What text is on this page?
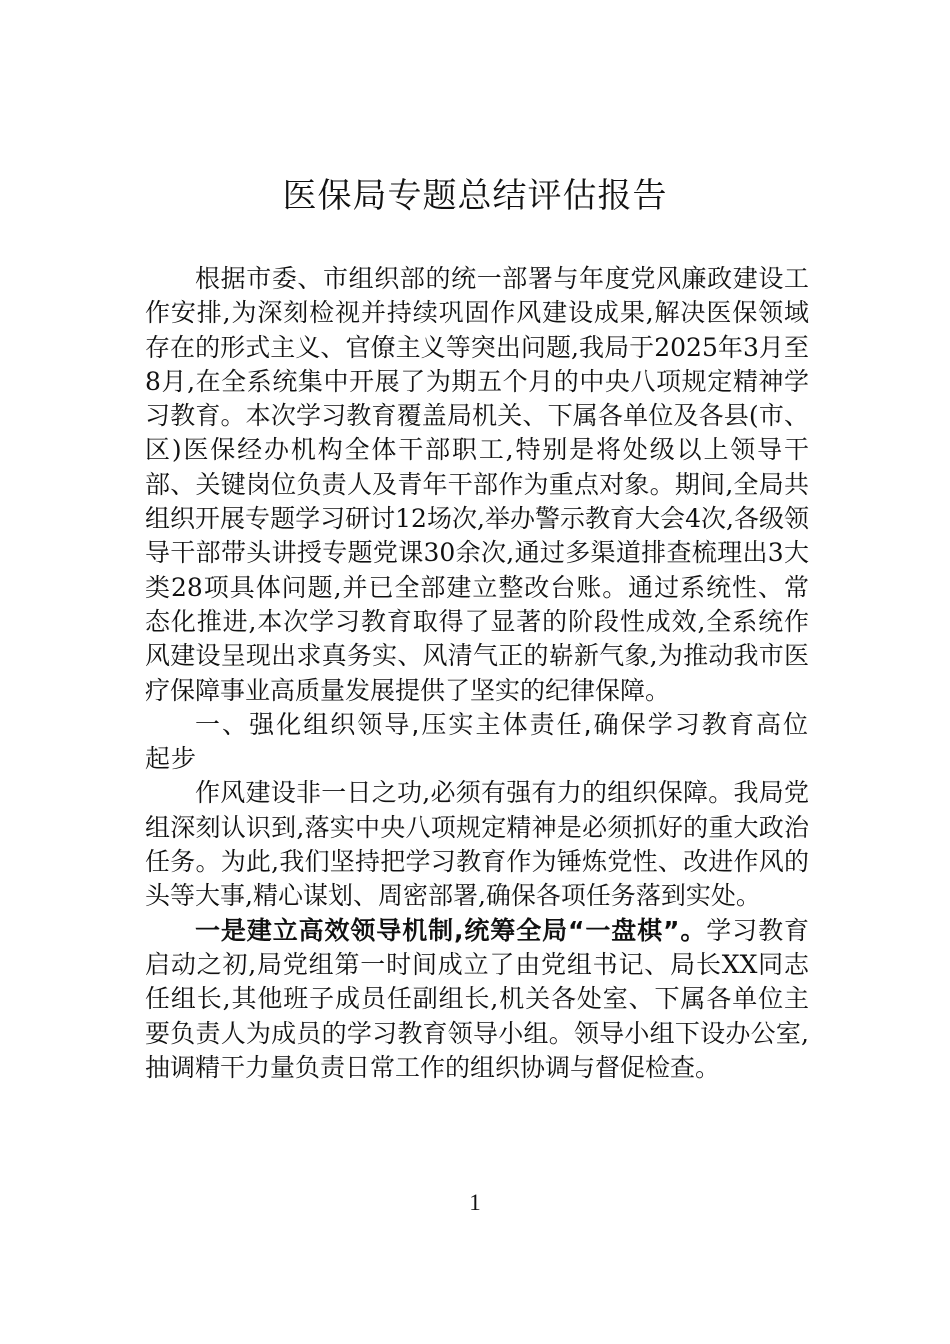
医保局专题总结评估报告

根据市委、市组织部的统一部署与年度党风廉政建设工作安排,为深刻检视并持续巩固作风建设成果,解决医保领域存在的形式主义、官僚主义等突出问题,我局于2025年3月至8月,在全系统集中开展了为期五个月的中央八项规定精神学习教育。本次学习教育覆盖局机关、下属各单位及各县(市、区)医保经办机构全体干部职工,特别是将处级以上领导干部、关键岗位负责人及青年干部作为重点对象。期间,全局共组织开展专题学习研讨12场次,举办警示教育大会4次,各级领导干部带头讲授专题党课30余次,通过多渠道排查梳理出3大类28项具体问题,并已全部建立整改台账。通过系统性、常态化推进,本次学习教育取得了显著的阶段性成效,全系统作风建设呈现出求真务实、风清气正的崭新气象,为推动我市医疗保障事业高质量发展提供了坚实的纪律保障。

一、强化组织领导,压实主体责任,确保学习教育高位起步

作风建设非一日之功,必须有强有力的组织保障。我局党组深刻认识到,落实中央八项规定精神是必须抓好的重大政治任务。为此,我们坚持把学习教育作为锤炼党性、改进作风的头等大事,精心谋划、周密部署,确保各项任务落到实处。

一是建立高效领导机制,统筹全局“一盘棋”。学习教育启动之初,局党组第一时间成立了由党组书记、局长XX同志任组长,其他班子成员任副组长,机关各处室、下属各单位主要负责人为成员的学习教育领导小组。领导小组下设办公室,抽调精干力量负责日常工作的组织协调与督促检查。

1
